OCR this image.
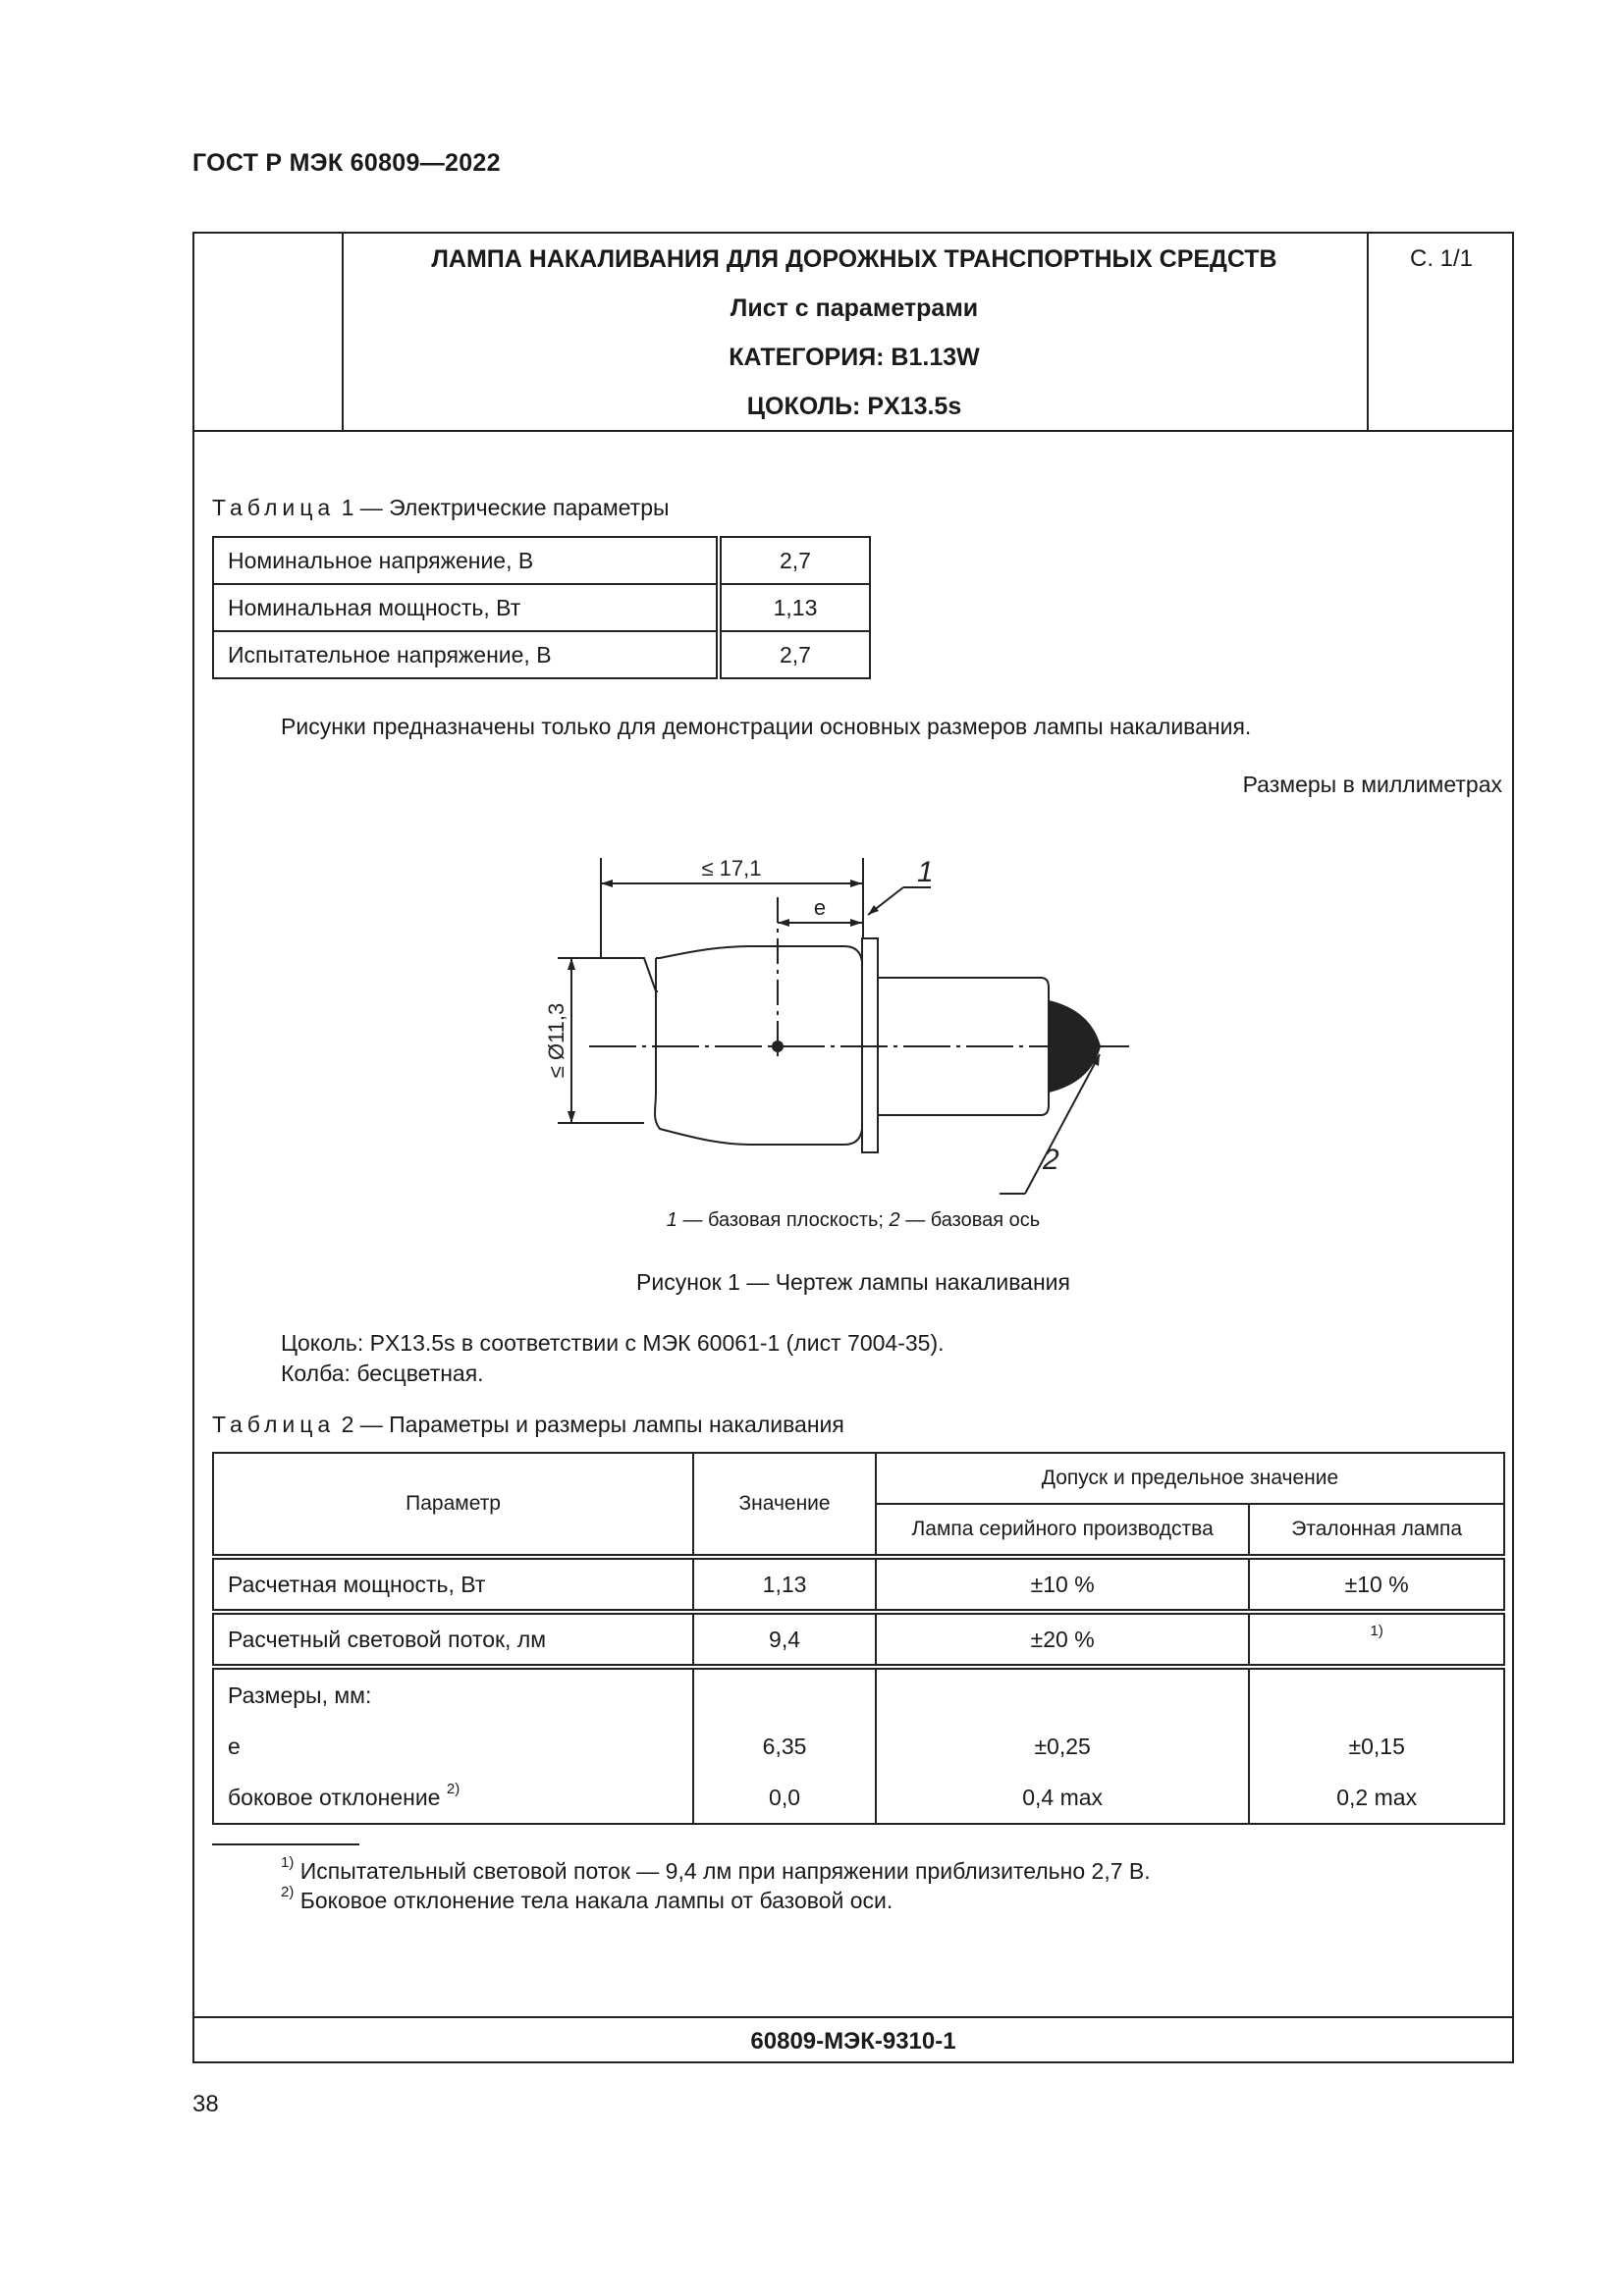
ГОСТ Р МЭК 60809—2022
ЛАМПА НАКАЛИВАНИЯ ДЛЯ ДОРОЖНЫХ ТРАНСПОРТНЫХ СРЕДСТВ
Лист с параметрами
КАТЕГОРИЯ: B1.13W
ЦОКОЛЬ: PX13.5s
С. 1/1
Таблица 1 — Электрические параметры
Номинальное напряжение, В	2,7
Номинальная мощность, Вт	1,13
Испытательное напряжение, В	2,7
Рисунки предназначены только для демонстрации основных размеров лампы накаливания.
Размеры в миллиметрах
≤ 17,1
e
≤ Ø11,3
1
2
1 — базовая плоскость; 2 — базовая ось
Рисунок 1 — Чертеж лампы накаливания
Цоколь: PX13.5s в соответствии с МЭК 60061-1 (лист 7004-35).
Колба: бесцветная.
Таблица 2 — Параметры и размеры лампы накаливания
Параметр	Значение	Допуск и предельное значение	
		Лампа серийного производства	Эталонная лампа
Расчетная мощность, Вт	1,13	±10 %	±10 %
Расчетный световой поток, лм	9,4	±20 %	$^{1)}$
Размеры, мм:			
e	6,35	±0,25	±0,15
боковое отклонение $^{2)}$	0,0	0,4 max	0,2 max
$^{1)}$ Испытательный световой поток — 9,4 лм при напряжении приблизительно 2,7 В.
$^{2)}$ Боковое отклонение тела накала лампы от базовой оси.
60809-МЭК-9310-1
38
